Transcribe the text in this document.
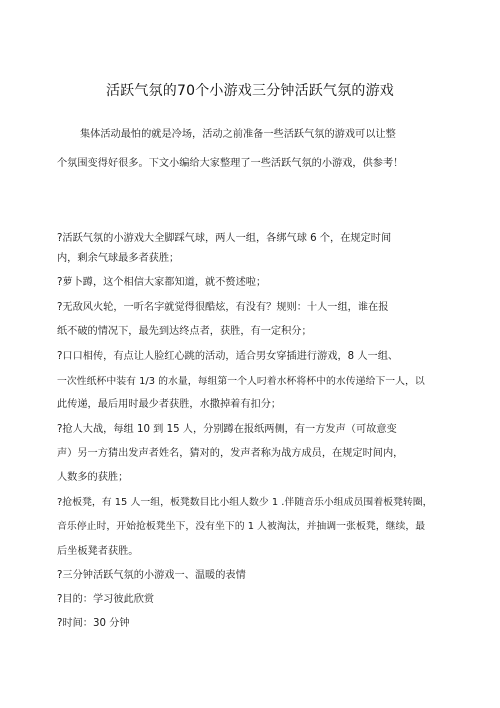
活跃气氛的70个小游戏三分钟活跃气氛的游戏
集体活动最怕的就是冷场，活动之前准备一些活跃气氛的游戏可以让整
个氛围变得好很多。下文小编给大家整理了一些活跃气氛的小游戏，供参考！
?活跃气氛的小游戏大全脚踩气球，两人一组，各绑气球 6 个，在规定时间
内，剩余气球最多者获胜；
?萝卜蹲，这个相信大家都知道，就不赘述啦；
?无敌风火轮，一听名字就觉得很酷炫，有没有？规则：十人一组，谁在报
纸不破的情况下，最先到达终点者，获胜，有一定积分；
?口口相传，有点让人脸红心跳的活动，适合男女穿插进行游戏，8 人一组、
一次性纸杯中装有 1/3 的水量，每组第一个人叼着水杯将杯中的水传递给下一人，以
此传递，最后用时最少者获胜，水撒掉着有扣分；
?抢人大战，每组 10 到 15 人，分别蹲在报纸两侧，有一方发声（可故意变
声）另一方猜出发声者姓名，猜对的，发声者称为战方成员，在规定时间内，
人数多的获胜；
?抢板凳，有 15 人一组，板凳数目比小组人数少 1 .伴随音乐小组成员围着板凳转圈，
音乐停止时，开始抢板凳坐下，没有坐下的 1 人被淘汰，并抽调一张板凳，继续，最
后坐板凳者获胜。
?三分钟活跃气氛的小游戏一、温暖的表情
?目的：学习彼此欣赏
?时间：30 分钟
